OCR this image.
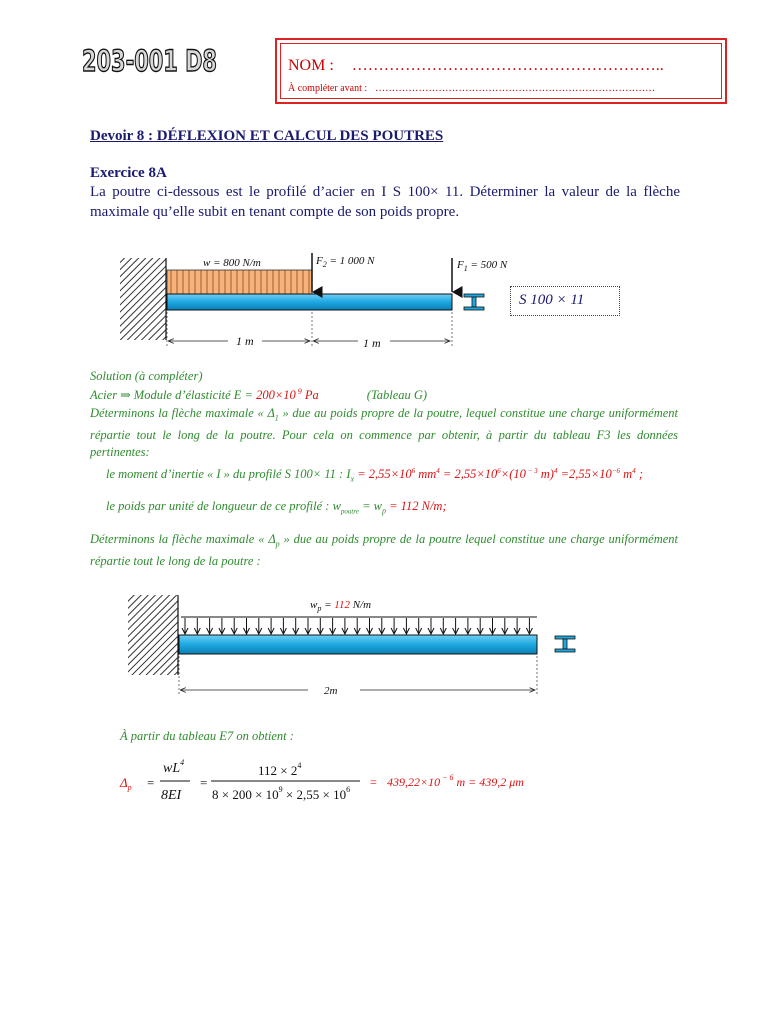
203-001 D8	NOM : …………………………………………………..
À compléter avant : …………………………………………………………………………
Devoir 8 : DÉFLEXION ET CALCUL DES POUTRES
Exercice 8A
La poutre ci-dessous est le profilé d’acier en I S 100× 11. Déterminer la valeur de la flèche maximale qu’elle subit en tenant compte de son poids propre.
w = 800 N/m	$F_2 = 1$ 000 N	$F_1 = 500$ N
1 m	1 m
S 100 × 11
Solution (à compléter)
Acier ⇒ Module d’élasticité E = 200×10 $^9$ Pa	(Tableau G)
Déterminons la flèche maximale « $\Delta_1$ » due au poids propre de la poutre, lequel constitue une charge uniformément répartie tout le long de la poutre. Pour cela on commence par obtenir, à partir du tableau F3 les données pertinentes:
le moment d’inertie « I » du profilé S 100× 11 : $I_x = 2,55\times 10^6$ $mm^4 = 2,55\times 10^6\times(10$ $^{- 3}$ $m)^4 =2,55\times 10^{-6}$ $m^4$ ;
le poids par unité de longueur de ce profilé : $w_{poutre} = w_p = 112$ N/m;
Déterminons la flèche maximale « $\Delta_p$ » due au poids propre de la poutre lequel constitue une charge uniformément répartie tout le long de la poutre :
$w_p = 112$ N/m
2m
À partir du tableau E7 on obtient :
$\Delta_p$ =
$wL^4$
8EI
=
$112 \times 2^4$
$8 \times 200 \times 10^9 \times 2,55 \times 10^6$
= 439,22×10 $^{- 6}$ m = 439,2 μm
